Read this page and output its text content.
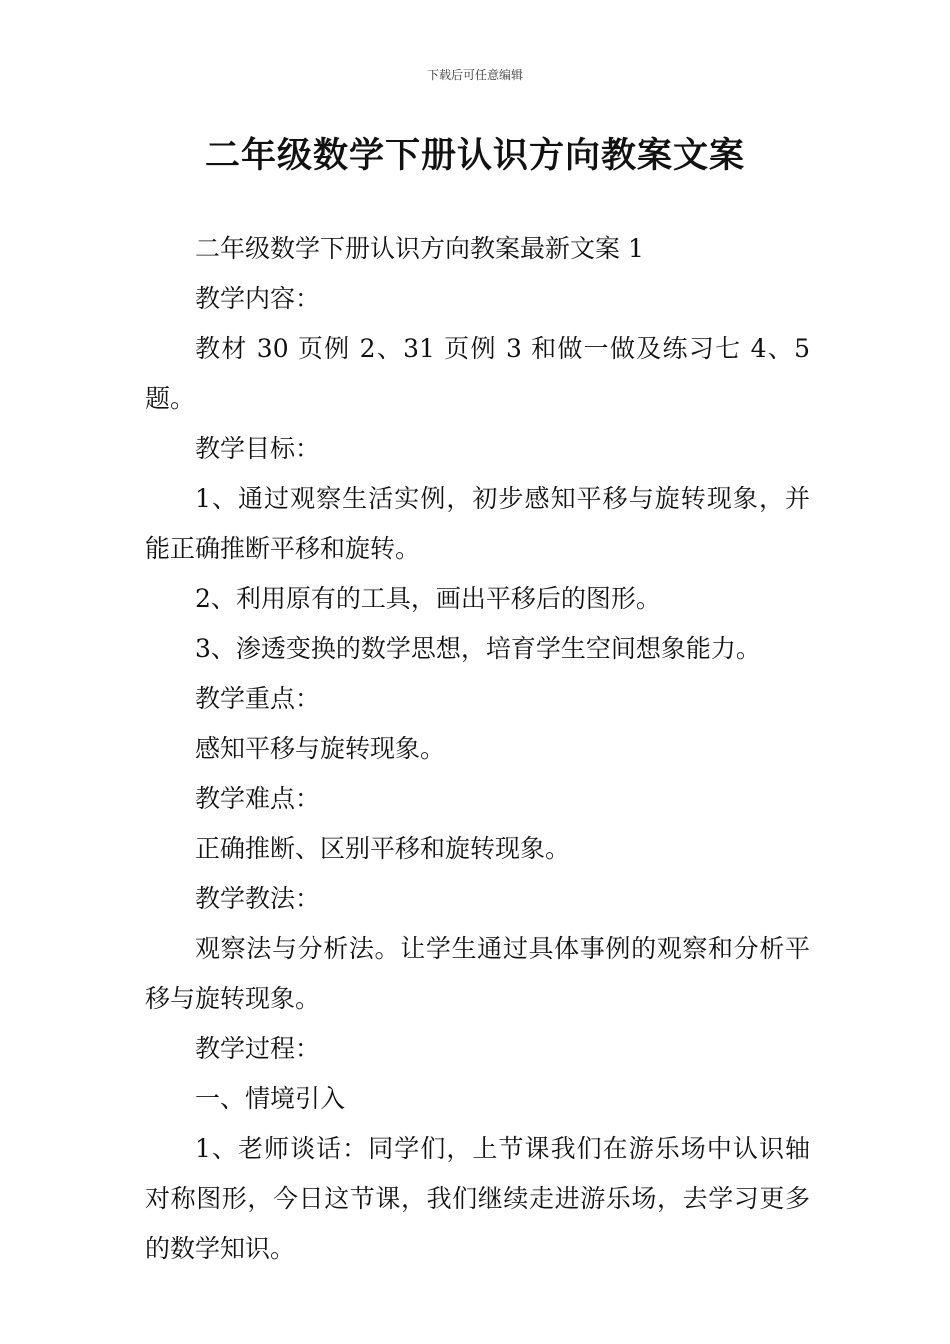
下载后可任意编辑
二年级数学下册认识方向教案文案

二年级数学下册认识方向教案最新文案 1

教学内容：

教材 30 页例 2、31 页例 3 和做一做及练习七 4、5 题。

教学目标：

1、通过观察生活实例，初步感知平移与旋转现象，并能正确推断平移和旋转。

2、利用原有的工具，画出平移后的图形。

3、渗透变换的数学思想，培育学生空间想象能力。

教学重点：

感知平移与旋转现象。

教学难点：

正确推断、区别平移和旋转现象。

教学教法：

观察法与分析法。让学生通过具体事例的观察和分析平移与旋转现象。

教学过程：

一、情境引入

1、老师谈话：同学们，上节课我们在游乐场中认识轴对称图形，今日这节课，我们继续走进游乐场，去学习更多的数学知识。
